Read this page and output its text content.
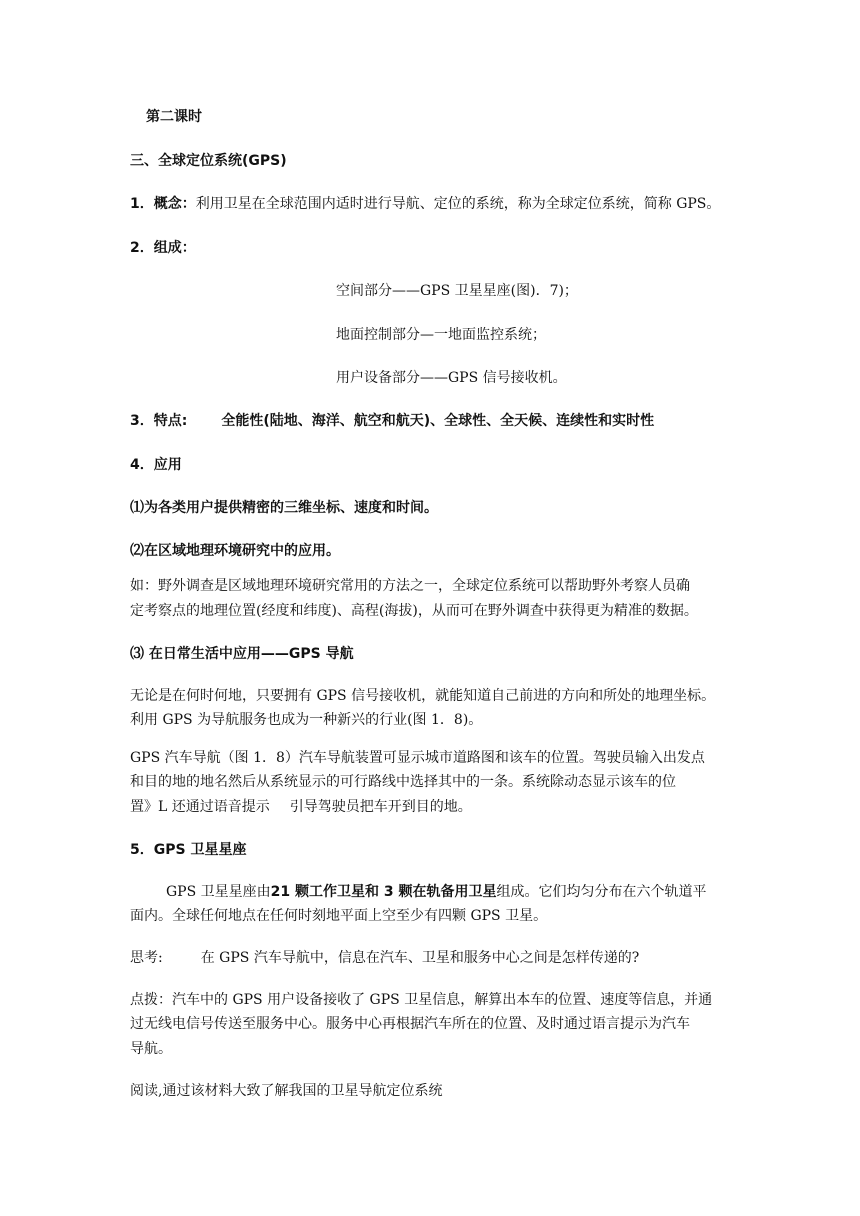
第二课时
三、全球定位系统(GPS)
1．概念：利用卫星在全球范围内适时进行导航、定位的系统，称为全球定位系统，简称 GPS。
2．组成：
空间部分——GPS 卫星星座(图)．7)；
地面控制部分—一地面监控系统；
用户设备部分——GPS 信号接收机。
3．特点: 全能性(陆地、海洋、航空和航天)、全球性、全天候、连续性和实时性
4．应用
⑴为各类用户提供精密的三维坐标、速度和时间。
⑵在区域地理环境研究中的应用。
如：野外调查是区域地理环境研究常用的方法之一，全球定位系统可以帮助野外考察人员确
定考察点的地理位置(经度和纬度)、高程(海拔)，从而可在野外调查中获得更为精准的数据。
⑶ 在日常生活中应用——GPS 导航
无论是在何时何地，只要拥有 GPS 信号接收机，就能知道自己前进的方向和所处的地理坐标。
利用 GPS 为导航服务也成为一种新兴的行业(图 1．8)。
GPS 汽车导航（图 1．8）汽车导航装置可显示城市道路图和该车的位置。驾驶员输入出发点
和目的地的地名然后从系统显示的可行路线中选择其中的一条。系统除动态显示该车的位
置》L 还通过语音提示 引导驾驶员把车开到目的地。
5．GPS 卫星星座
GPS 卫星星座由21 颗工作卫星和 3 颗在轨备用卫星组成。它们均匀分布在六个轨道平
面内。全球任何地点在任何时刻地平面上空至少有四颗 GPS 卫星。
思考:	在 GPS 汽车导航中，信息在汽车、卫星和服务中心之间是怎样传递的?
点拨：汽车中的 GPS 用户设备接收了 GPS 卫星信息，解算出本车的位置、速度等信息，并通
过无线电信号传送至服务中心。服务中心再根据汽车所在的位置、及时通过语言提示为汽车
导航。
阅读,通过该材料大致了解我国的卫星导航定位系统
